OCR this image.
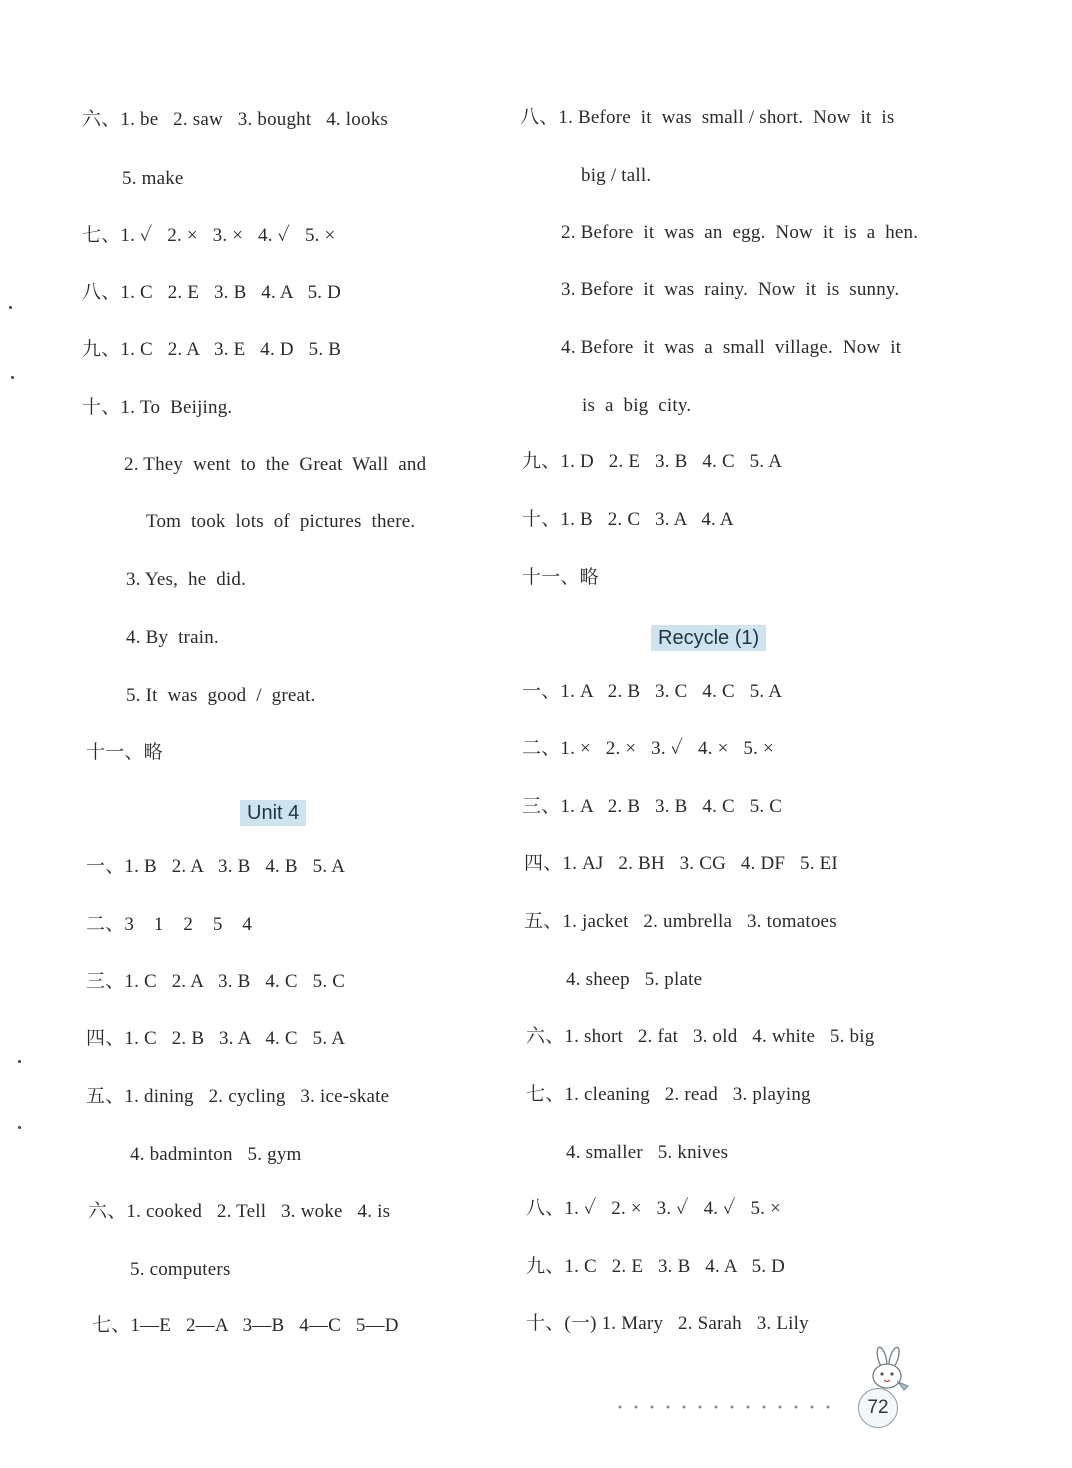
六、1. be   2. saw   3. bought   4. looks
5. make
七、1. ✓   2. ×   3. ×   4. ✓   5. ×
八、1. C   2. E   3. B   4. A   5. D
九、1. C   2. A   3. E   4. D   5. B
十、1. To  Beijing.
2. They  went  to  the  Great  Wall  and
Tom  took  lots  of  pictures  there.
3. Yes,  he  did.
4. By  train.
5. It  was  good  /  great.
十一、略
Unit 4
一、1. B   2. A   3. B   4. B   5. A
二、3    1    2    5    4
三、1. C   2. A   3. B   4. C   5. C
四、1. C   2. B   3. A   4. C   5. A
五、1. dining   2. cycling   3. ice-skate
4. badminton   5. gym
六、1. cooked   2. Tell   3. woke   4. is
5. computers
七、1—E   2—A   3—B   4—C   5—D
八、1. Before  it  was  small / short.  Now  it  is
big / tall.
2. Before  it  was  an  egg.  Now  it  is  a  hen.
3. Before  it  was  rainy.  Now  it  is  sunny.
4. Before  it  was  a  small  village.  Now  it
is  a  big  city.
九、1. D   2. E   3. B   4. C   5. A
十、1. B   2. C   3. A   4. A
十一、略
Recycle (1)
一、1. A   2. B   3. C   4. C   5. A
二、1. ×   2. ×   3. ✓   4. ×   5. ×
三、1. A   2. B   3. B   4. C   5. C
四、1. AJ   2. BH   3. CG   4. DF   5. EI
五、1. jacket   2. umbrella   3. tomatoes
4. sheep   5. plate
六、1. short   2. fat   3. old   4. white   5. big
七、1. cleaning   2. read   3. playing
4. smaller   5. knives
八、1. ✓   2. ×   3. ✓   4. ✓   5. ×
九、1. C   2. E   3. B   4. A   5. D
十、(一) 1. Mary   2. Sarah   3. Lily
72
